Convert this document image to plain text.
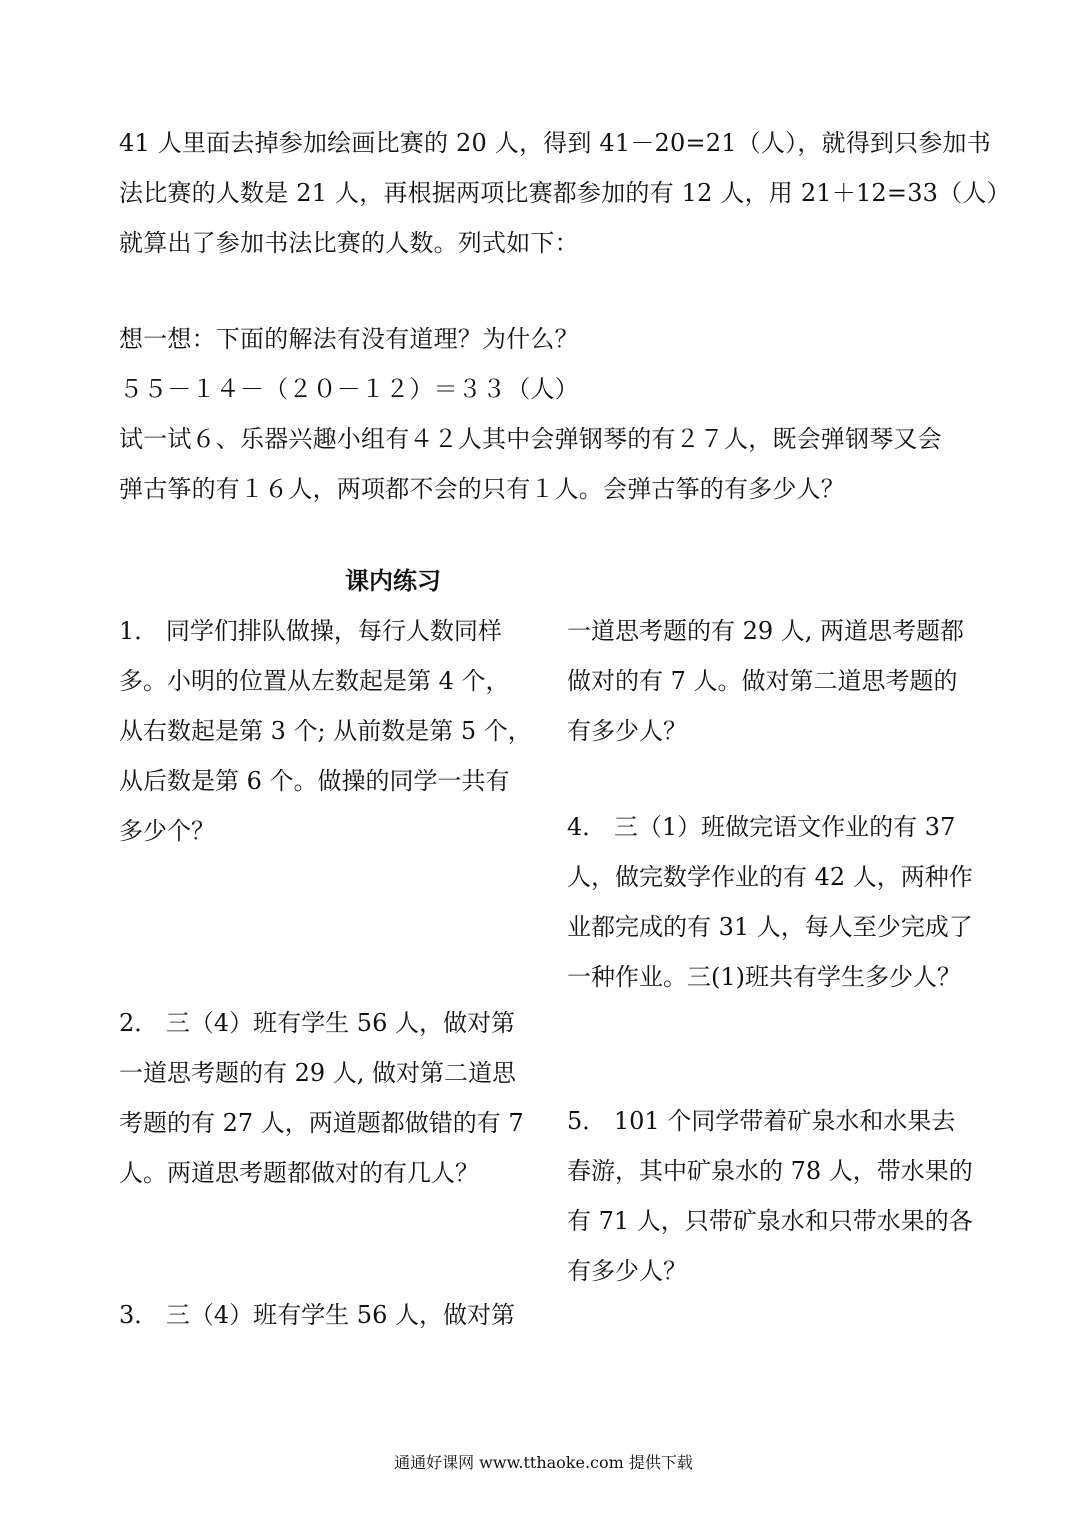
41 人里面去掉参加绘画比赛的 20 人，得到 41－20=21（人），就得到只参加书
法比赛的人数是 21 人，再根据两项比赛都参加的有 12 人，用 21＋12=33（人）
就算出了参加书法比赛的人数。列式如下：
想一想：下面的解法有没有道理？为什么？
５５－１４－（２０－１２）＝３３（人）
试一试６、乐器兴趣小组有４２人其中会弹钢琴的有２７人，既会弹钢琴又会
弹古筝的有１６人，两项都不会的只有１人。会弹古筝的有多少人？
课内练习
1． 同学们排队做操，每行人数同样
多。小明的位置从左数起是第 4 个，
从右数起是第 3 个; 从前数是第 5 个，
从后数是第 6 个。做操的同学一共有
多少个？
2． 三（4）班有学生 56 人，做对第
一道思考题的有 29 人, 做对第二道思
考题的有 27 人，两道题都做错的有 7
人。两道思考题都做对的有几人？
3． 三（4）班有学生 56 人，做对第
一道思考题的有 29 人, 两道思考题都
做对的有 7 人。做对第二道思考题的
有多少人？
4． 三（1）班做完语文作业的有 37
人，做完数学作业的有 42 人，两种作
业都完成的有 31 人，每人至少完成了
一种作业。三(1)班共有学生多少人？
5． 101 个同学带着矿泉水和水果去
春游，其中矿泉水的 78 人，带水果的
有 71 人，只带矿泉水和只带水果的各
有多少人？
通通好课网 www.tthaoke.com 提供下载
